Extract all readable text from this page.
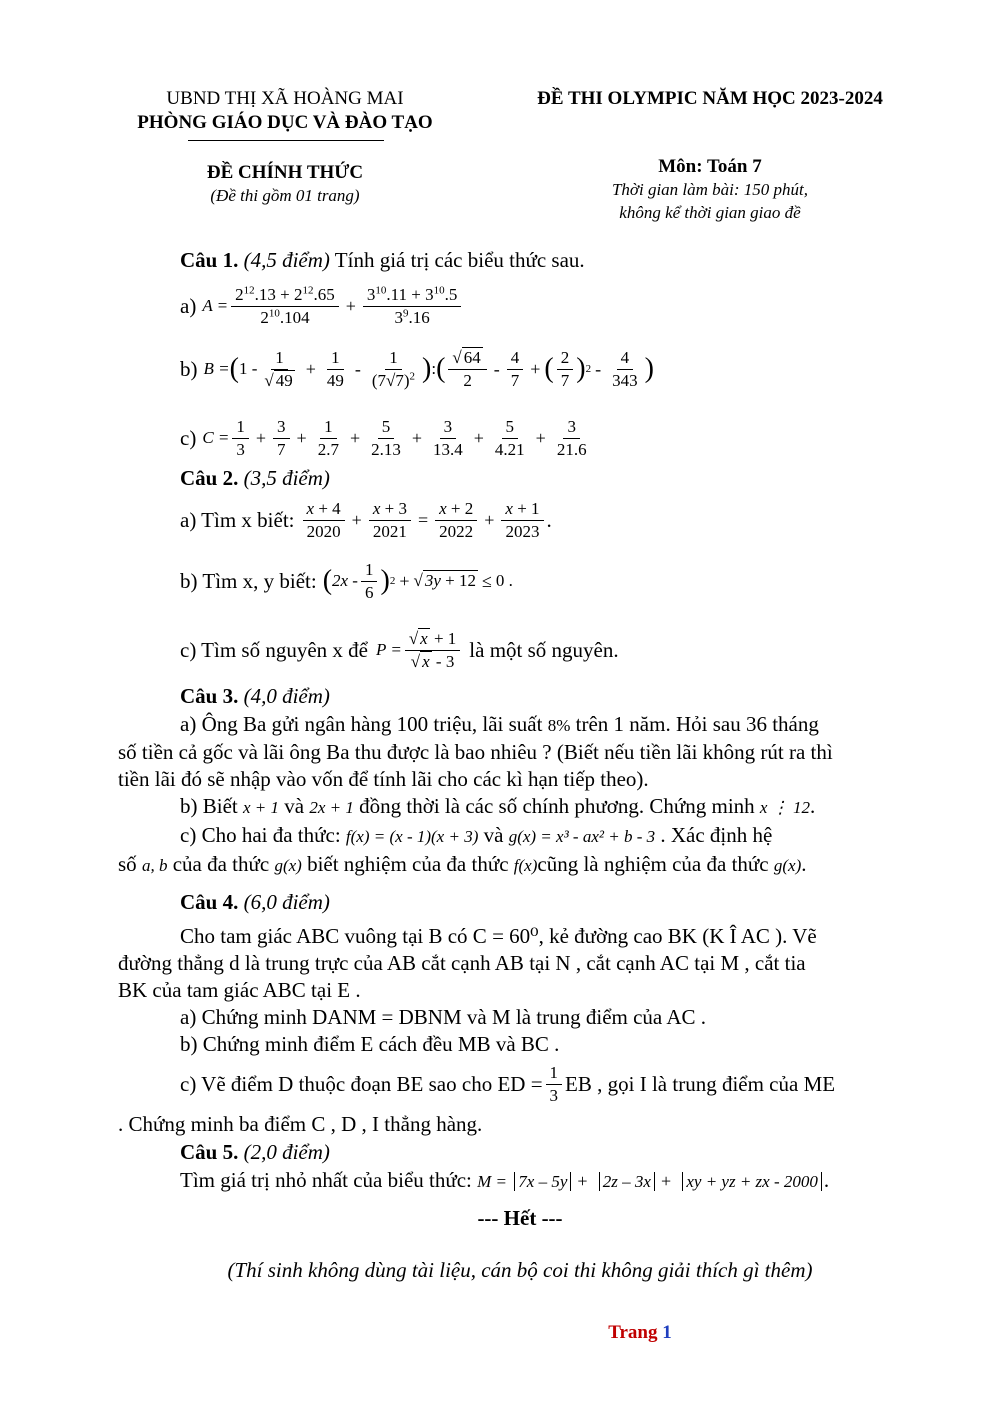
UBND THỊ XÃ HOÀNG MAI
PHÒNG GIÁO DỤC VÀ ĐÀO TẠO
ĐỀ THI OLYMPIC NĂM HỌC 2023-2024
ĐỀ CHÍNH THỨC
(Đề thi gồm 01 trang)
Môn: Toán 7
Thời gian làm bài: 150 phút,
không kể thời gian giao đề
Câu 1. (4,5 điểm) Tính giá trị các biểu thức sau.
a) $A = \frac{2^{12}.13 + 2^{12}.65}{2^{10}.104} + \frac{3^{10}.11 + 3^{10}.5}{3^9.16}$
b) B = ( $1 - \frac{1}{√ 49} + \frac{1}{49} - \frac{1}{(7√7)^2}$ ) : ( $\frac{√ 64}{2} - \frac{4}{7}$ + ( $\frac{2}{7}$ ) $2 - \frac{4}{343}$ )
c) $C = \frac{1}{3} + \frac{3}{7} + \frac{1}{2.7} + \frac{5}{2.13} + \frac{3}{13.4} + \frac{5}{4.21} + \frac{3}{21.6}$
Câu 2. (3,5 điểm)
a) Tìm x biết: $\frac{x + 4}{2020} + \frac{x + 3}{2021} = \frac{x + 2}{2022} + \frac{x + 1}{2023}$ .
b) Tìm x, y biết: ( $2x - \frac{1}{6}$ ) 2 + √ 3y + 12 ≤ 0 .
c) Tìm số nguyên x để $P = \frac{√ x + 1}{√ x - 3}$ là một số nguyên.
Câu 3. (4,0 điểm)
a) Ông Ba gửi ngân hàng 100 triệu, lãi suất 8% trên 1 năm. Hỏi sau 36 tháng
số tiền cả gốc và lãi ông Ba thu được là bao nhiêu ? (Biết nếu tiền lãi không rút ra thì
tiền lãi đó sẽ nhập vào vốn để tính lãi cho các kì hạn tiếp theo).
b) Biết x + 1 và 2x + 1 đồng thời là các số chính phương. Chứng minh x ⋮ 12.
c) Cho hai đa thức: f(x) = (x - 1)(x + 3) và g(x) = x³ - ax² + b - 3 . Xác định hệ
số a, b của đa thức g(x) biết nghiệm của đa thức f(x)cũng là nghiệm của đa thức g(x).
Câu 4. (6,0 điểm)
Cho tam giác ABC vuông tại B có C = 60⁰, kẻ đường cao BK (K Î AC ). Vẽ
đường thẳng d là trung trực của AB cắt cạnh AB tại N , cắt cạnh AC tại M , cắt tia
BK của tam giác ABC tại E .
a) Chứng minh DANM = DBNM và M là trung điểm của AC .
b) Chứng minh điểm E cách đều MB và BC .
c) Vẽ điểm D thuộc đoạn BE sao cho ED = $\frac{1}{3}$ EB , gọi I là trung điểm của ME
. Chứng minh ba điểm C , D , I thẳng hàng.
Câu 5. (2,0 điểm)
Tìm giá trị nhỏ nhất của biểu thức: M = 7x – 5y + 2z – 3x + xy + yz + zx - 2000 .
--- Hết ---
(Thí sinh không dùng tài liệu, cán bộ coi thi không giải thích gì thêm)
Trang 1
